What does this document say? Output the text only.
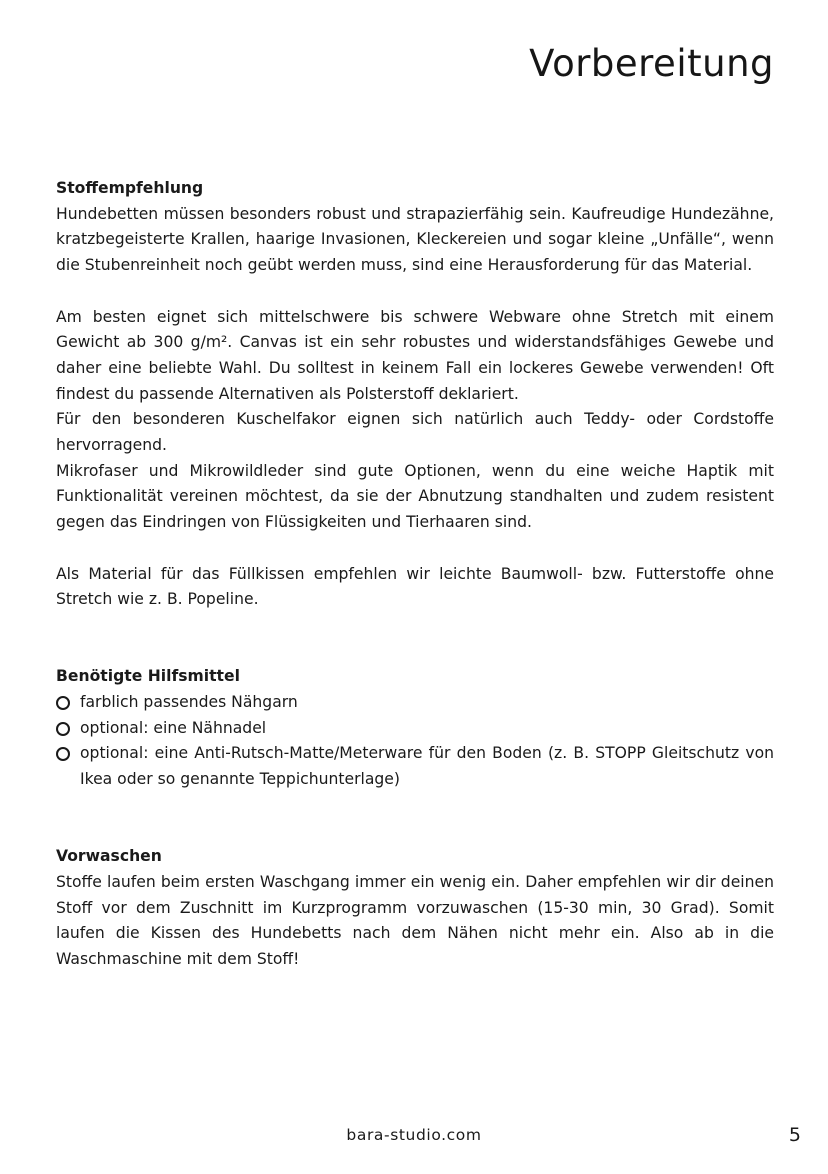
Vorbereitung

Stoffempfehlung

Hundebetten müssen besonders robust und strapazierfähig sein. Kaufreudige Hundezähne, kratzbegeisterte Krallen, haarige Invasionen, Kleckereien und sogar kleine „Unfälle“, wenn die Stubenreinheit noch geübt werden muss, sind eine Herausforderung für das Material.

Am besten eignet sich mittelschwere bis schwere Webware ohne Stretch mit einem Gewicht ab 300 g/m². Canvas ist ein sehr robustes und widerstandsfähiges Gewebe und daher eine beliebte Wahl. Du solltest in keinem Fall ein lockeres Gewebe verwenden! Oft findest du passende Alternativen als Polsterstoff deklariert.

Für den besonderen Kuschelfakor eignen sich natürlich auch Teddy- oder Cordstoffe hervorragend.

Mikrofaser und Mikrowildleder sind gute Optionen, wenn du eine weiche Haptik mit Funktionalität vereinen möchtest, da sie der Abnutzung standhalten und zudem resistent gegen das Eindringen von Flüssigkeiten und Tierhaaren sind.

Als Material für das Füllkissen empfehlen wir leichte Baumwoll- bzw. Futterstoffe ohne Stretch wie z. B. Popeline.

Benötigte Hilfsmittel

farblich passendes Nähgarn
optional: eine Nähnadel
optional: eine Anti-Rutsch-Matte/Meterware für den Boden (z. B. STOPP Gleitschutz von Ikea oder so genannte Teppichunterlage)

Vorwaschen

Stoffe laufen beim ersten Waschgang immer ein wenig ein. Daher empfehlen wir dir deinen Stoff vor dem Zuschnitt im Kurzprogramm vorzuwaschen (15-30 min, 30 Grad). Somit laufen die Kissen des Hundebetts nach dem Nähen nicht mehr ein. Also ab in die Waschmaschine mit dem Stoff!

bara-studio.com	5
